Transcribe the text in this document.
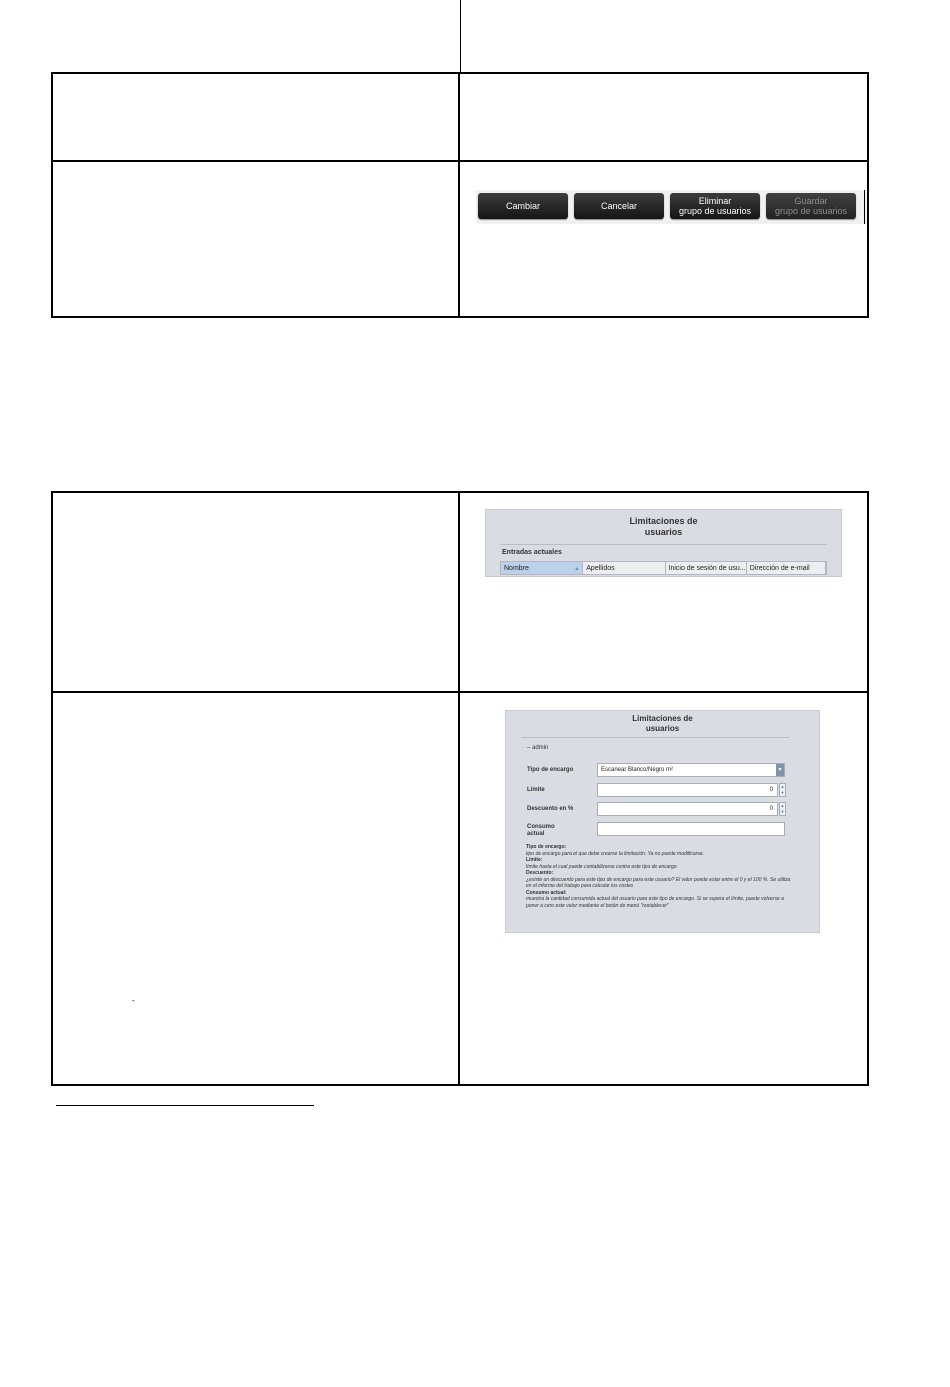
Cambiar	Cancelar	Eliminar
grupo de usuarios
Guardar
grupo de usuarios
Limitaciones de
usuarios
Entradas actuales
Nombre	▲	Apellidos	Inicio de sesión de usu... Dirección de e-mail
-
Limitaciones de
usuarios
– admin
Tipo de encargo	Escanear Blanco/Negro m²	▼
Límite	0
▲
▼
Descuento en %	0
▲
▼
Consumo
actual
Tipo de encargo:
tipo de encargo para el que debe crearse la limitación. Ya no puede modificarse.
Límite:
límite hasta el cual puede contabilizarse contra este tipo de encargo
Descuento:
¿existe un descuento para este tipo de encargo para este usuario? El valor puede estar entre el 0 y el 100 %. Se utiliza en el informe del trabajo para calcular los costes
Consumo actual:
muestra la cantidad consumida actual del usuario para este tipo de encargo. Si se supera el límite, puede volverse a poner a cero este valor mediante el botón de menú "restablecer"
